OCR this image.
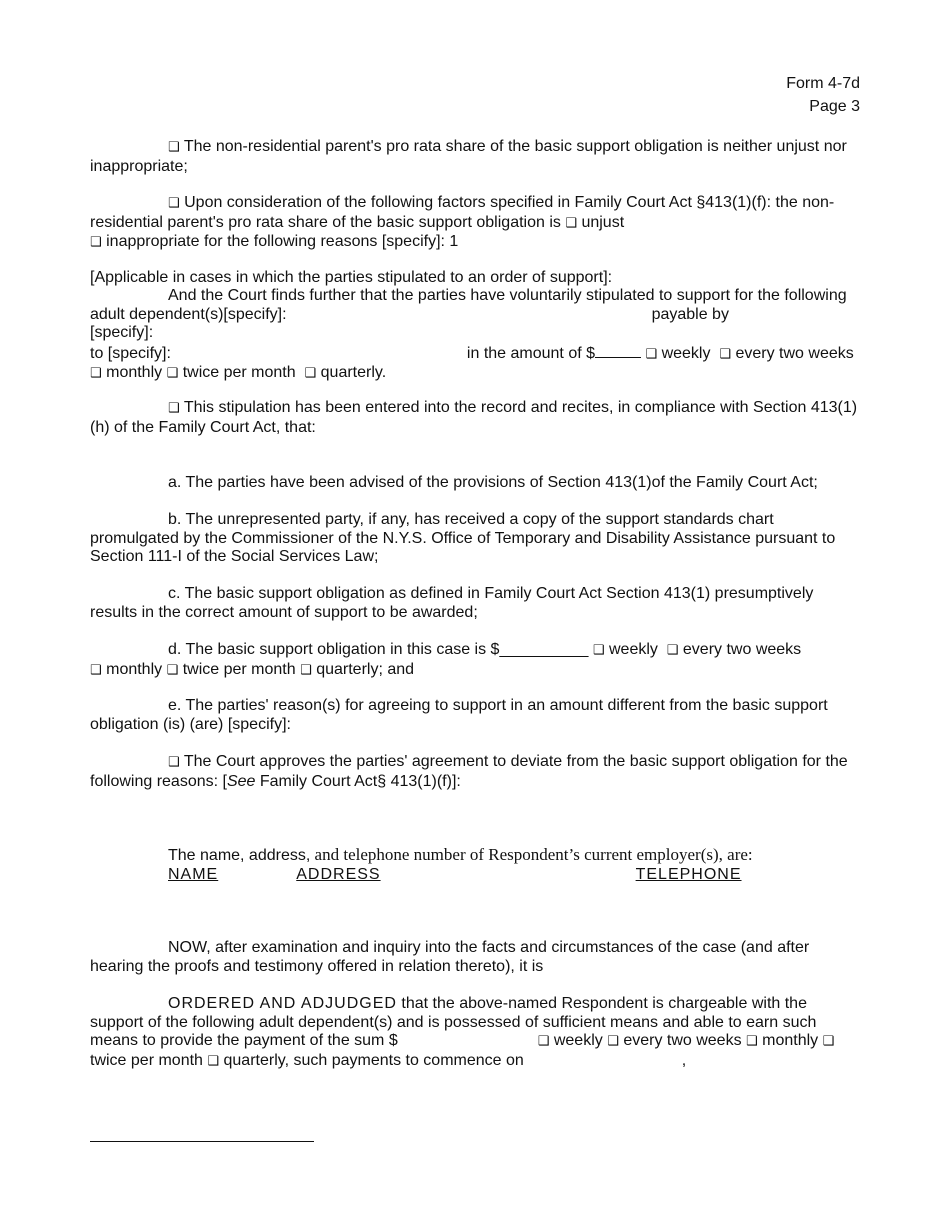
Form 4-7d
Page 3
❑ The non-residential parent's pro rata share of the basic support obligation is neither unjust nor inappropriate;
❑ Upon consideration of the following factors specified in Family Court Act §413(1)(f): the non-residential parent's pro rata share of the basic support obligation is ❑ unjust
❑ inappropriate for the following reasons [specify]: 1
[Applicable in cases in which the parties stipulated to an order of support]:
And the Court finds further that the parties have voluntarily stipulated to support for the following adult dependent(s)[specify]:	payable by
[specify]:
to [specify]:	in the amount of $	❑ weekly ❑ every two weeks ❑ monthly ❑ twice per month ❑ quarterly.
❑ This stipulation has been entered into the record and recites, in compliance with Section 413(1)(h) of the Family Court Act, that:
a. The parties have been advised of the provisions of Section 413(1)of the Family Court Act;
b. The unrepresented party, if any, has received a copy of the support standards chart promulgated by the Commissioner of the N.Y.S. Office of Temporary and Disability Assistance pursuant to Section 111-I of the Social Services Law;
c. The basic support obligation as defined in Family Court Act Section 413(1) presumptively results in the correct amount of support to be awarded;
d. The basic support obligation in this case is $__________ ❑ weekly ❑ every two weeks
❑ monthly ❑ twice per month ❑ quarterly; and
e. The parties' reason(s) for agreeing to support in an amount different from the basic support obligation (is) (are) [specify]:
❑ The Court approves the parties' agreement to deviate from the basic support obligation for the following reasons: [See Family Court Act§ 413(1)(f)]:
The name, address, and telephone number of Respondent’s current employer(s), are:
NAME	ADDRESS	TELEPHONE
NOW, after examination and inquiry into the facts and circumstances of the case (and after hearing the proofs and testimony offered in relation thereto), it is
ORDERED AND ADJUDGED that the above-named Respondent is chargeable with the support of the following adult dependent(s) and is possessed of sufficient means and able to earn such means to provide the payment of the sum $	❑ weekly ❑ every two weeks ❑ monthly ❑ twice per month ❑ quarterly, such payments to commence on	,
